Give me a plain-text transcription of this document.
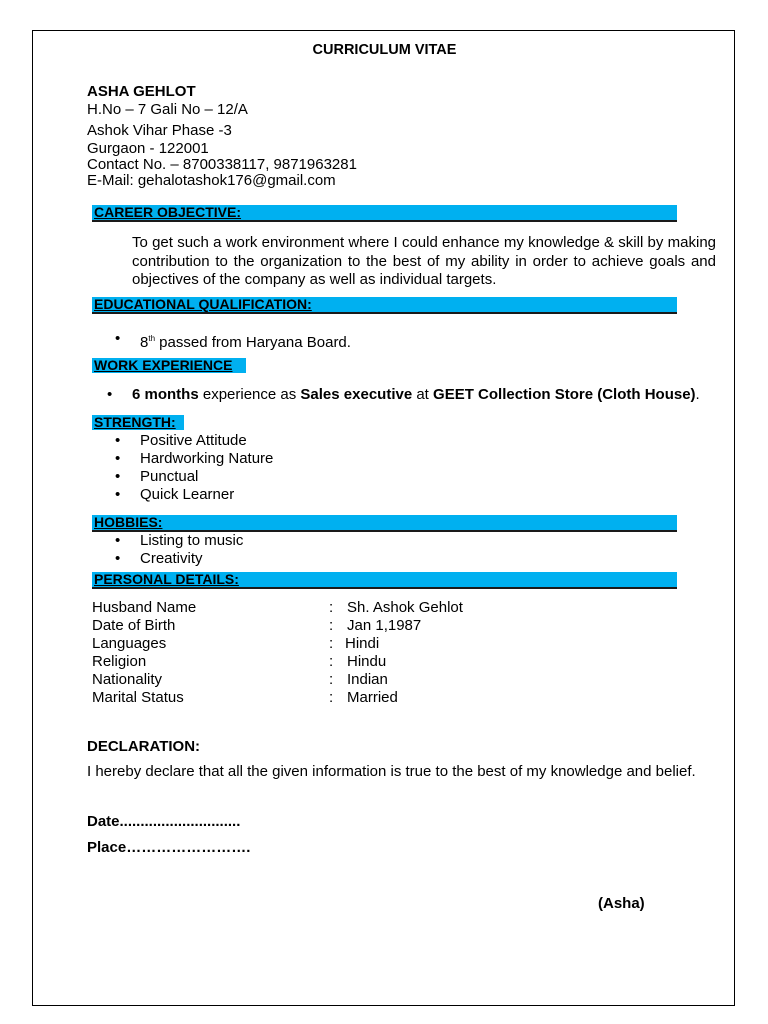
CURRICULUM VITAE
ASHA GEHLOT
H.No – 7 Gali No – 12/A
Ashok Vihar Phase -3
Gurgaon - 122001
Contact No. – 8700338117, 9871963281
E-Mail: gehalotashok176@gmail.com
CAREER OBJECTIVE:
To get such a work environment where I could enhance my knowledge & skill by making contribution to the organization to the best of my ability in order to achieve goals and objectives of the company as well as individual targets.
EDUCATIONAL QUALIFICATION:
• 8th passed from Haryana Board.
WORK EXPERIENCE
• 6 months experience as Sales executive at GEET Collection Store (Cloth House).
STRENGTH:
• Positive Attitude
• Hardworking Nature
• Punctual
• Quick Learner
HOBBIES:
• Listing to music
• Creativity
PERSONAL DETAILS:
Husband Name	: Sh. Ashok Gehlot
Date of Birth	: Jan 1,1987
Languages	: Hindi
Religion	: Hindu
Nationality	: Indian
Marital Status	: Married
DECLARATION:
I hereby declare that all the given information is true to the best of my knowledge and belief.
Date.............................
Place…………………….
(Asha)
